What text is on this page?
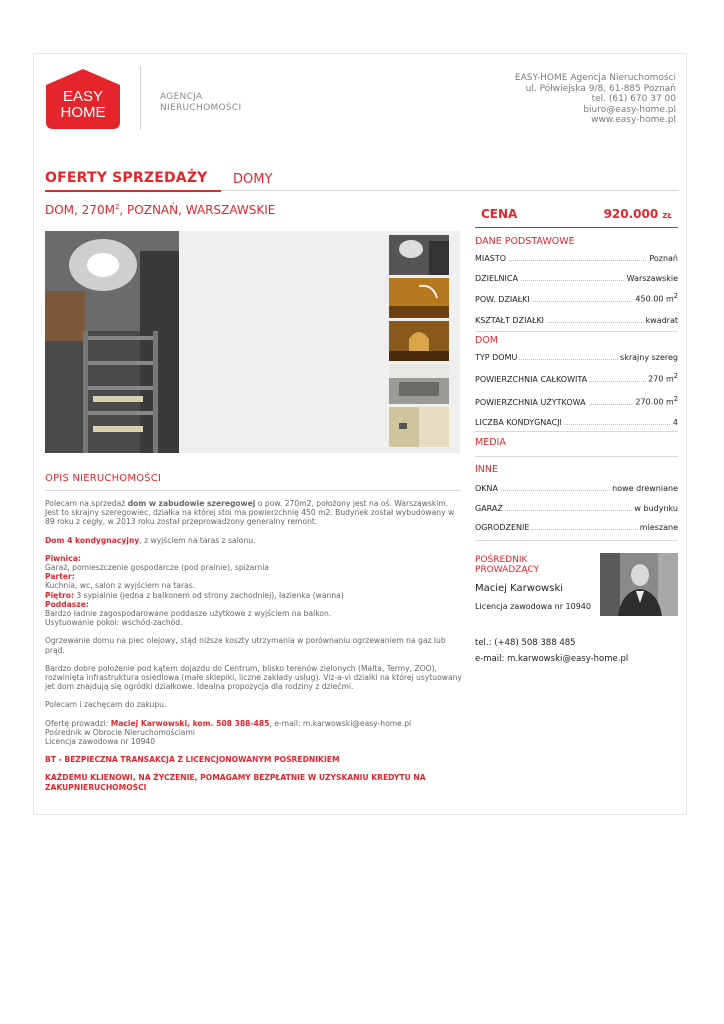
EASY
HOME
AGENCJA
NIERUCHOMOŚCI
EASY-HOME Agencja Nieruchomości
ul. Półwiejska 9/8, 61-885 Poznań
tel. (61) 670 37 00
biuro@easy-home.pl
www.easy-home.pl
OFERTY SPRZEDAŻY DOMY
DOM, $270M^2$, POZNAŃ, WARSZAWSKIE	CENA	920.000 ZŁ
DANE PODSTAWOWE
MIASTO	Poznań
DZIELNICA	Warszawskie
POW. DZIAŁKI	450.00 $m^2$
KSZTAŁT DZIAŁKI	kwadrat
DOM
TYP DOMU	skrajny szereg
POWIERZCHNIA CAŁKOWITA	270 $m^2$
POWIERZCHNIA UŻYTKOWA	270.00 $m^2$
LICZBA KONDYGNACJI	4
MEDIA
INNE
OKNA	nowe drewniane
GARAŻ	w budynku
OGRODZENIE	mieszane
OPIS NIERUCHOMOŚCI

Polecam na sprzedaż dom w zabudowie szeregowej o pow. 270m2, położony jest na oś. Warszawskim. Jest to skrajny szeregowiec, działka na której stoi ma powierzchnię 450 m2. Budynek został wybudowany w 89 roku z cegły, w 2013 roku został przeprowadzony generalny remont.

Dom 4 kondygnacyjny, z wyjściem na taras z salonu.

Piwnica:
Garaż, pomieszczenie gospodarcze (pod pralnie), spiżarnia
Parter:
Kuchnia, wc, salon z wyjściem na taras.
Piętro: 3 sypialnie (jedna z balkonem od strony zachodniej), łazienka (wanna)
Poddasze:
Bardzo ładnie zagospodarowane poddasze użytkowe z wyjściem na balkon.
Usytuowanie pokoi: wschód-zachód.

Ogrzewanie domu na piec olejowy, stąd niższe koszty utrzymania w porównaniu ogrzewaniem na gaz lub prąd.

Bardzo dobre położenie pod kątem dojazdu do Centrum, blisko terenów zielonych (Malta, Termy, ZOO), rozwinięta infrastruktura osiedlowa (małe sklepiki, liczne zakłady usług). Viz-a-vi działki na której usytuowany jet dom znajdują się ogródki działkowe. Idealna propozycja dla rodziny z dziećmi.

Polecam i zachęcam do zakupu.

Ofertę prowadzi: Maciej Karwowski, kom. 508 388-485, e-mail: m.karwowski@easy-home.pl
Pośrednik w Obrocie Nieruchomościami
Licencja zawodowa nr 10940

BT - BEZPIECZNA TRANSAKCJA Z LICENCJONOWANYM POŚREDNIKIEM

KAŻDEMU KLIENOWI, NA ŻYCZENIE, POMAGAMY BEZPŁATNIE W UZYSKANIU KREDYTU NA ZAKUPNIERUCHOMOŚCI

POŚREDNIK
PROWADZĄCY
Maciej Karwowski
Licencja zawodowa nr 10940
tel.: (+48) 508 388 485
e-mail: m.karwowski@easy-home.pl
